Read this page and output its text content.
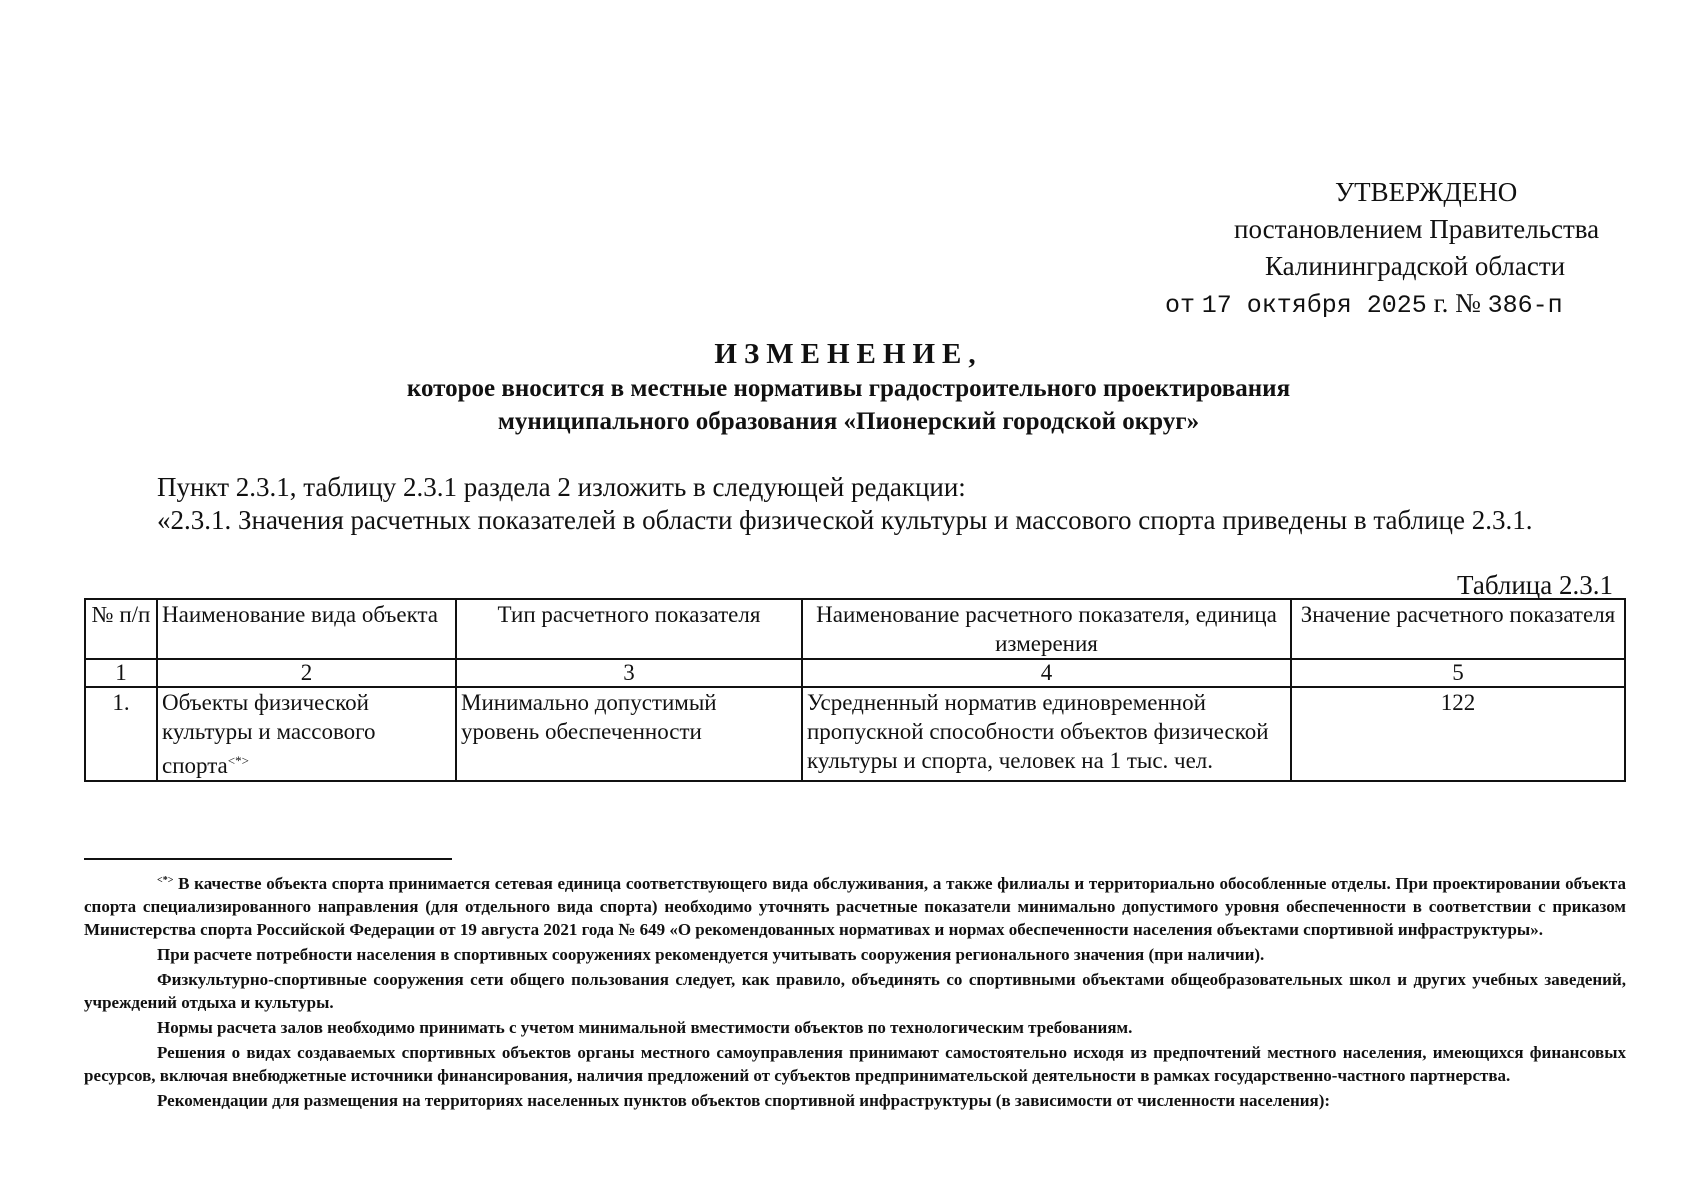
УТВЕРЖДЕНО
постановлением Правительства
Калининградской области
от 17 октября 2025 г. № 386-п
ИЗМЕНЕНИЕ,
которое вносится в местные нормативы градостроительного проектирования
муниципального образования «Пионерский городской округ»
Пункт 2.3.1, таблицу 2.3.1 раздела 2 изложить в следующей редакции:
«2.3.1. Значения расчетных показателей в области физической культуры и массового спорта приведены в таблице 2.3.1.
Таблица 2.3.1
№ п/п	Наименование вида объекта	Тип расчетного показателя	Наименование расчетного показателя, единица измерения	Значение расчетного показателя
1	2	3	4	5
1.	Объекты физической культуры и массового спорта<*>	Минимально допустимый уровень обеспеченности	Усредненный норматив единовременной пропускной способности объектов физической культуры и спорта, человек на 1 тыс. чел.	122

<*> В качестве объекта спорта принимается сетевая единица соответствующего вида обслуживания, а также филиалы и территориально обособленные отделы. При проектировании объекта спорта специализированного направления (для отдельного вида спорта) необходимо уточнять расчетные показатели минимально допустимого уровня обеспеченности в соответствии с приказом Министерства спорта Российской Федерации от 19 августа 2021 года № 649 «О рекомендованных нормативах и нормах обеспеченности населения объектами спортивной инфраструктуры».

При расчете потребности населения в спортивных сооружениях рекомендуется учитывать сооружения регионального значения (при наличии).

Физкультурно-спортивные сооружения сети общего пользования следует, как правило, объединять со спортивными объектами общеобразовательных школ и других учебных заведений, учреждений отдыха и культуры.

Нормы расчета залов необходимо принимать с учетом минимальной вместимости объектов по технологическим требованиям.

Решения о видах создаваемых спортивных объектов органы местного самоуправления принимают самостоятельно исходя из предпочтений местного населения, имеющихся финансовых ресурсов, включая внебюджетные источники финансирования, наличия предложений от субъектов предпринимательской деятельности в рамках государственно-частного партнерства.

Рекомендации для размещения на территориях населенных пунктов объектов спортивной инфраструктуры (в зависимости от численности населения):
